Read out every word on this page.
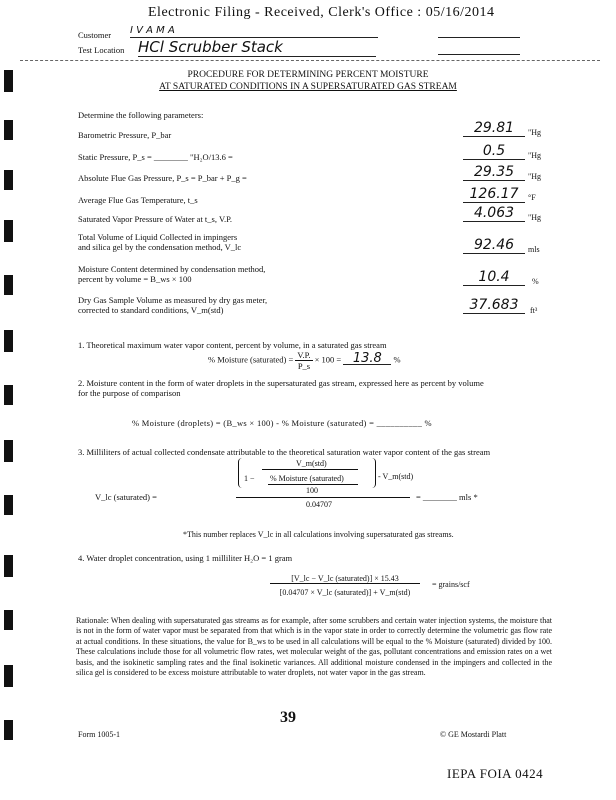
Electronic Filing - Received, Clerk's Office : 05/16/2014
Customer I V A M A
Test Location HCl Scrubber Stack
PROCEDURE FOR DETERMINING PERCENT MOISTURE
AT SATURATED CONDITIONS IN A SUPERSATURATED GAS STREAM
Determine the following parameters:
Barometric Pressure, P_bar	29.81	"Hg
Static Pressure, P_s = ________ "H₂O/13.6 =	0.5	"Hg
Absolute Flue Gas Pressure, P_s = P_bar + P_g =	29.35	"Hg
Average Flue Gas Temperature, t_s	126.17	°F
Saturated Vapor Pressure of Water at t_s, V.P.	4.063	"Hg
Total Volume of Liquid Collected in impingers
and silica gel by the condensation method, V_lc	92.46	mls
Moisture Content determined by condensation method,
percent by volume = B_ws × 100	10.4	%
Dry Gas Sample Volume as measured by dry gas meter,
corrected to standard conditions, V_m(std)	37.683	ft³
1. Theoretical maximum water vapor content, percent by volume, in a saturated gas stream
% Moisture (saturated) = $\frac{V.P.}{P\_s} \times 100 = 13.8$ %
2. Moisture content in the form of water droplets in the supersaturated gas stream, expressed here as percent by volume
for the purpose of comparison
% Moisture (droplets) = (B_ws × 100) - % Moisture (saturated) = __________ %
3. Milliliters of actual collected condensate attributable to the theoretical saturation water vapor content of the gas stream
V_lc (saturated) =
V_m(std)
1 − % Moisture (saturated)
100
- V_m(std)
0.04707
= ________ mls *
*This number replaces V_lc in all calculations involving supersaturated gas streams.
4. Water droplet concentration, using 1 milliliter H₂O = 1 gram
[V_lc − V_lc (saturated)] × 15.43
[0.04707 × V_lc (saturated)] + V_m(std)
= grains/scf
Rationale: When dealing with supersaturated gas streams as for example, after some scrubbers and certain water injection systems, the moisture that is not in the form of water vapor must be separated from that which is in the vapor state in order to correctly determine the volumetric gas flow rate at actual conditions. In these situations, the value for B_ws to be used in all calculations will be equal to the % Moisture (saturated) divided by 100. These calculations include those for all volumetric flow rates, wet molecular weight of the gas, pollutant concentrations and emission rates on a wet basis, and the isokinetic sampling rates and the final isokinetic variances. All additional moisture condensed in the impingers and collected in the silica gel is considered to be excess moisture attributable to water droplets, not water vapor in the gas stream.
39
Form 1005-1	© GE Mostardi Platt
IEPA FOIA 0424
